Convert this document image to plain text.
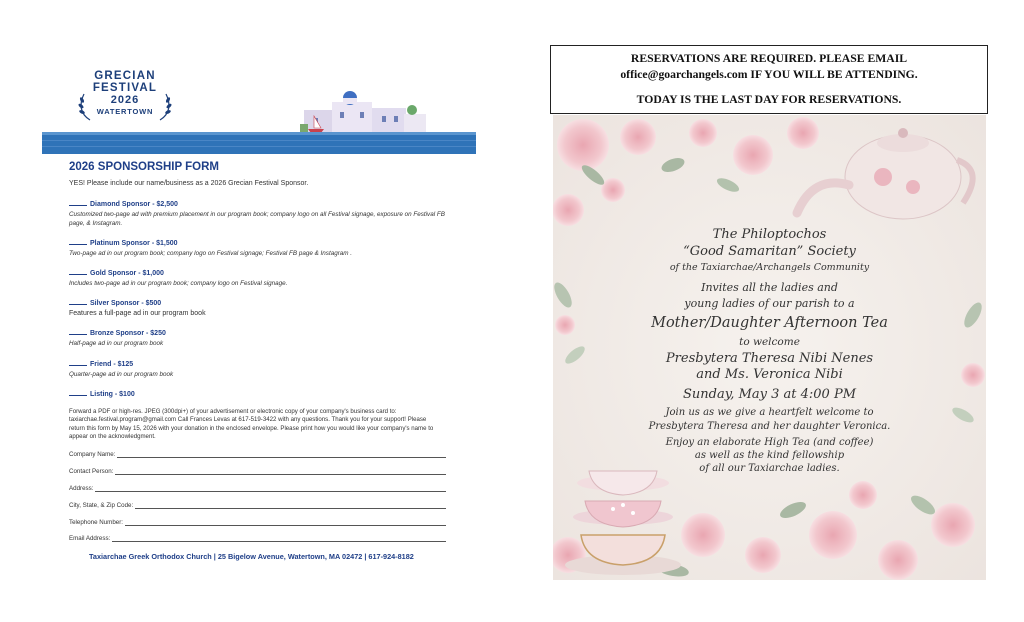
GRECIAN
FESTIVAL
2026
WATERTOWN
2026 SPONSORSHIP FORM
YES! Please include our name/business as a 2026 Grecian Festival Sponsor.
Diamond Sponsor - $2,500
Customized two-page ad with premium placement in our program book; company logo on all Festival signage, exposure on Festival FB page, & Instagram.
Platinum Sponsor - $1,500
Two-page ad in our program book; company logo on Festival signage; Festival FB page & Instagram .
Gold Sponsor - $1,000
Includes two-page ad in our program book; company logo on Festival signage.
Silver Sponsor - $500
Features a full-page ad in our program book
Bronze Sponsor - $250
Half-page ad in our program book
Friend - $125
Quarter-page ad in our program book
Listing - $100
Forward a PDF or high-res. JPEG (300dpi+) of your advertisement or electronic copy of your company's business card to: taxiarchae.festival.program@gmail.com Call Frances Levas at 617-519-3422 with any questions. Thank you for your support! Please return this form by May 15, 2026 with your donation in the enclosed envelope. Please print how you would like your company's name to appear on the acknowledgment.
Company Name:
Contact Person:
Address:
City, State, & Zip Code:
Telephone Number:
Email Address:
Taxiarchae Greek Orthodox Church | 25 Bigelow Avenue, Watertown, MA 02472 | 617-924-8182
RESERVATIONS ARE REQUIRED. PLEASE EMAIL
office@goarchangels.com IF YOU WILL BE ATTENDING.
TODAY IS THE LAST DAY FOR RESERVATIONS.
The Philoptochos
“Good Samaritan” Society
of the Taxiarchae/Archangels Community
Invites all the ladies and
young ladies of our parish to a
Mother/Daughter Afternoon Tea
to welcome
Presbytera Theresa Nibi Nenes
and Ms. Veronica Nibi
Sunday, May 3 at 4:00 PM
Join us as we give a heartfelt welcome to
Presbytera Theresa and her daughter Veronica.
Enjoy an elaborate High Tea (and coffee)
as well as the kind fellowship
of all our Taxiarchae ladies.
